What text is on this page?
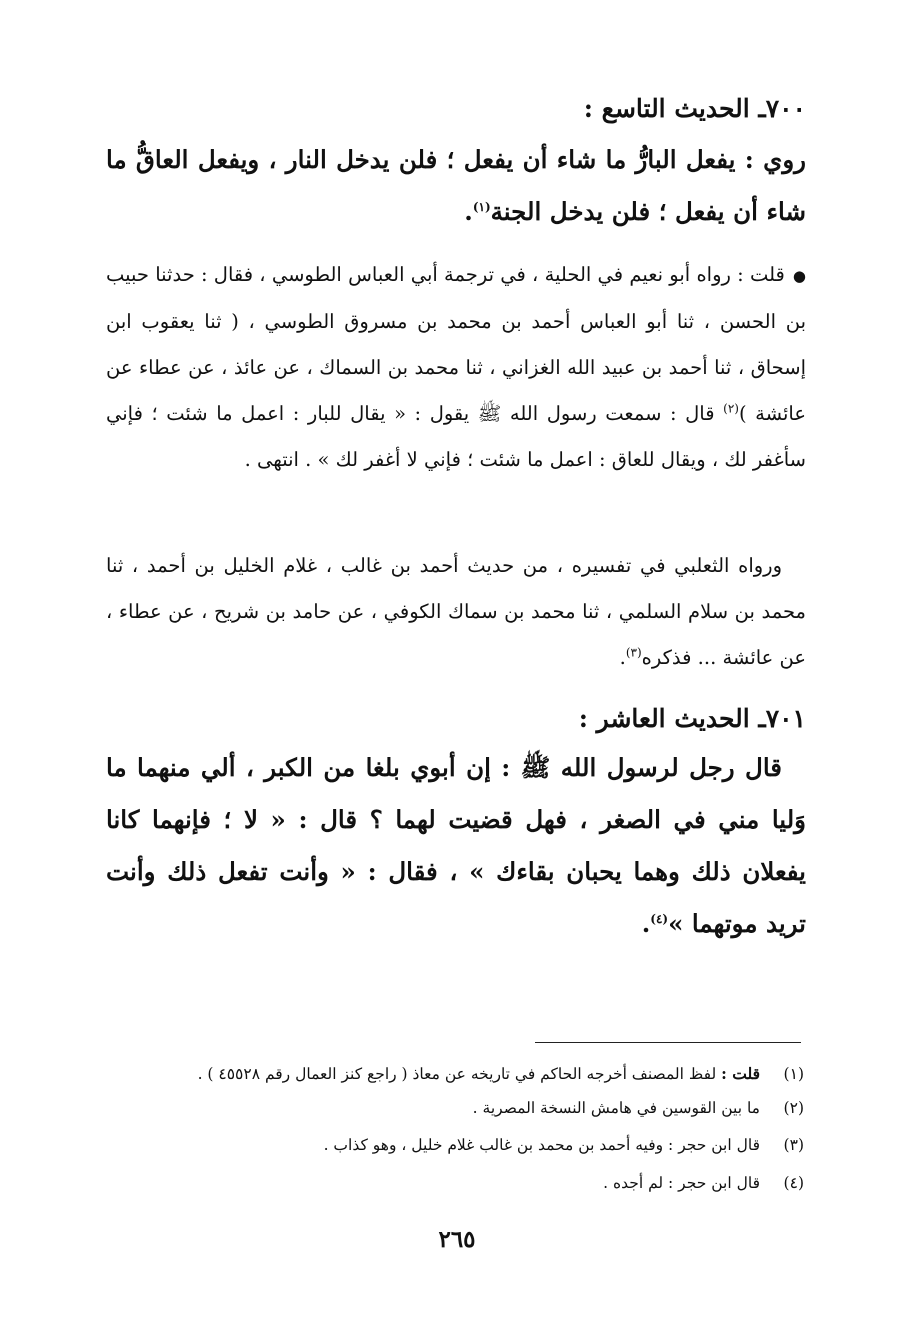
٧٠٠ـ الحديث التاسع :
روي : يفعل البارُّ ما شاء أن يفعل ؛ فلن يدخل النار ، ويفعل العاقُّ ما شاء أن يفعل ؛ فلن يدخل الجنة$^{(١)}$.
●قلت : رواه أبو نعيم في الحلية ، في ترجمة أبي العباس الطوسي ، فقال : حدثنا حبيب بن الحسن ، ثنا أبو العباس أحمد بن محمد بن مسروق الطوسي ، ( ثنا يعقوب ابن إسحاق ، ثنا أحمد بن عبيد الله الغزاني ، ثنا محمد بن السماك ، عن عائذ ، عن عطاء عن عائشة )$^{(٢)}$ قال : سمعت رسول الله ﷺ يقول : « يقال للبار : اعمل ما شئت ؛ فإني سأغفر لك ، ويقال للعاق : اعمل ما شئت ؛ فإني لا أغفر لك » . انتهى .
ورواه الثعلبي في تفسيره ، من حديث أحمد بن غالب ، غلام الخليل بن أحمد ، ثنا محمد بن سلام السلمي ، ثنا محمد بن سماك الكوفي ، عن حامد بن شريح ، عن عطاء ، عن عائشة ... فذكره$^{(٣)}$.
٧٠١ـ الحديث العاشر :
قال رجل لرسول الله ﷺ : إن أبوي بلغا من الكبر ، ألي منهما ما وَليا مني في الصغر ، فهل قضيت لهما ؟ قال : « لا ؛ فإنهما كانا يفعلان ذلك وهما يحبان بقاءك » ، فقال : « وأنت تفعل ذلك وأنت تريد موتهما »$^{(٤)}$.
(١)قلت : لفظ المصنف أخرجه الحاكم في تاريخه عن معاذ ( راجع كنز العمال رقم ٤٥٥٢٨ ) .
(٢)ما بين القوسين في هامش النسخة المصرية .
(٣)قال ابن حجر : وفيه أحمد بن محمد بن غالب غلام خليل ، وهو كذاب .
(٤)قال ابن حجر : لم أجده .
٢٦٥
